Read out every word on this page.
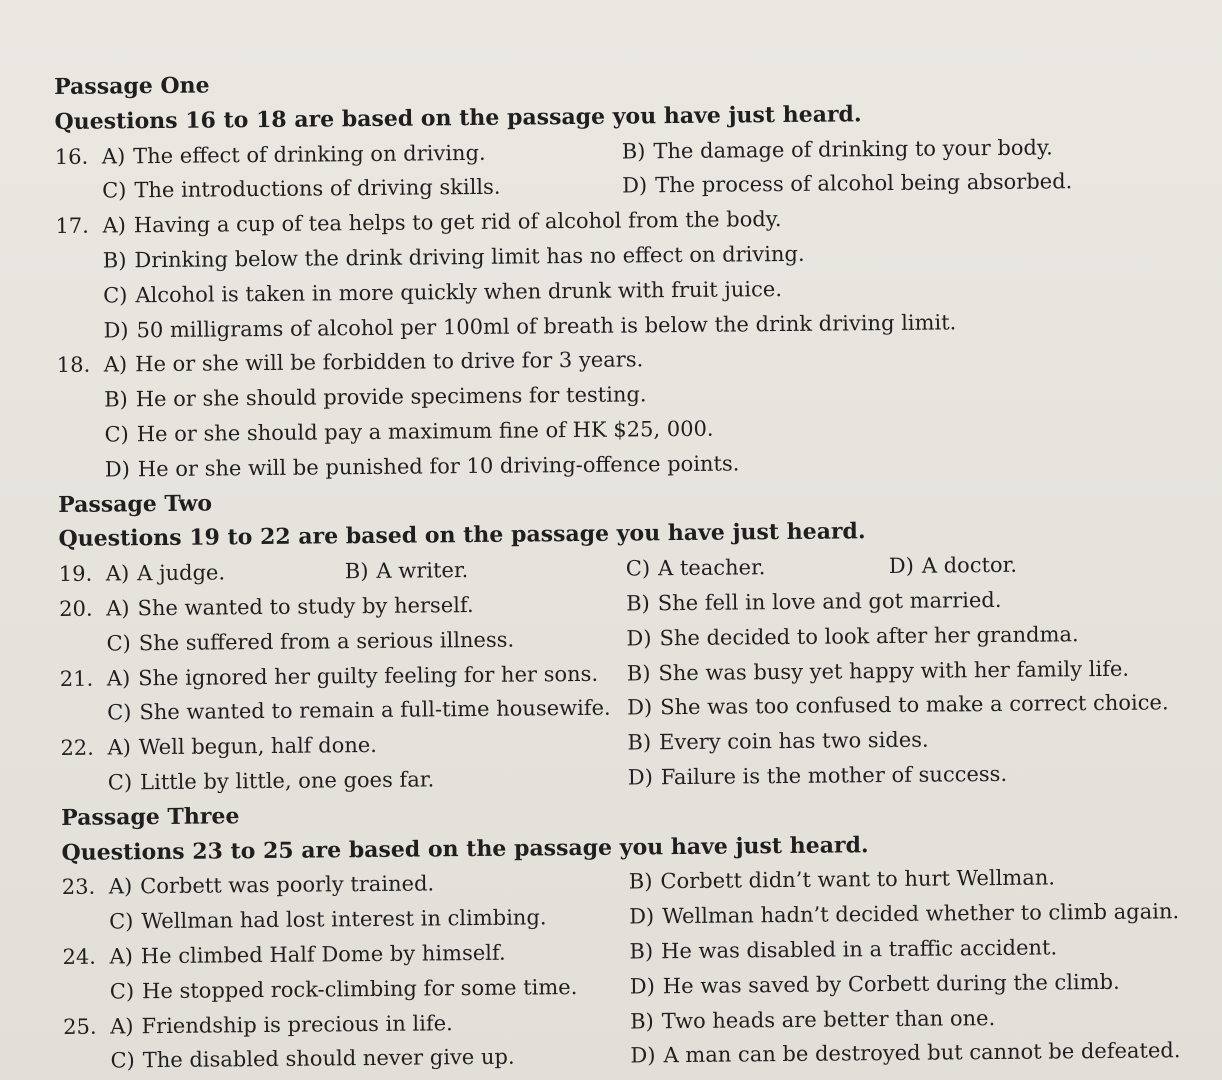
Passage One
Questions 16 to 18 are based on the passage you have just heard.
16. A) The effect of drinking on driving.	B) The damage of drinking to your body.
C) The introductions of driving skills.	D) The process of alcohol being absorbed.
17. A) Having a cup of tea helps to get rid of alcohol from the body.
B) Drinking below the drink driving limit has no effect on driving.
C) Alcohol is taken in more quickly when drunk with fruit juice.
D) 50 milligrams of alcohol per 100ml of breath is below the drink driving limit.
18. A) He or she will be forbidden to drive for 3 years.
B) He or she should provide specimens for testing.
C) He or she should pay a maximum fine of HK $25, 000.
D) He or she will be punished for 10 driving-offence points.
Passage Two
Questions 19 to 22 are based on the passage you have just heard.
19. A) A judge.	B) A writer.	C) A teacher.	D) A doctor.
20. A) She wanted to study by herself.	B) She fell in love and got married.
C) She suffered from a serious illness.	D) She decided to look after her grandma.
21. A) She ignored her guilty feeling for her sons. B) She was busy yet happy with her family life.
C) She wanted to remain a full-time housewife. D) She was too confused to make a correct choice.
22. A) Well begun, half done.	B) Every coin has two sides.
C) Little by little, one goes far.	D) Failure is the mother of success.
Passage Three
Questions 23 to 25 are based on the passage you have just heard.
23. A) Corbett was poorly trained.	B) Corbett didn’t want to hurt Wellman.
C) Wellman had lost interest in climbing.	D) Wellman hadn’t decided whether to climb again.
24. A) He climbed Half Dome by himself.	B) He was disabled in a traffic accident.
C) He stopped rock-climbing for some time. D) He was saved by Corbett during the climb.
25. A) Friendship is precious in life.	B) Two heads are better than one.
C) The disabled should never give up.	D) A man can be destroyed but cannot be defeated.
